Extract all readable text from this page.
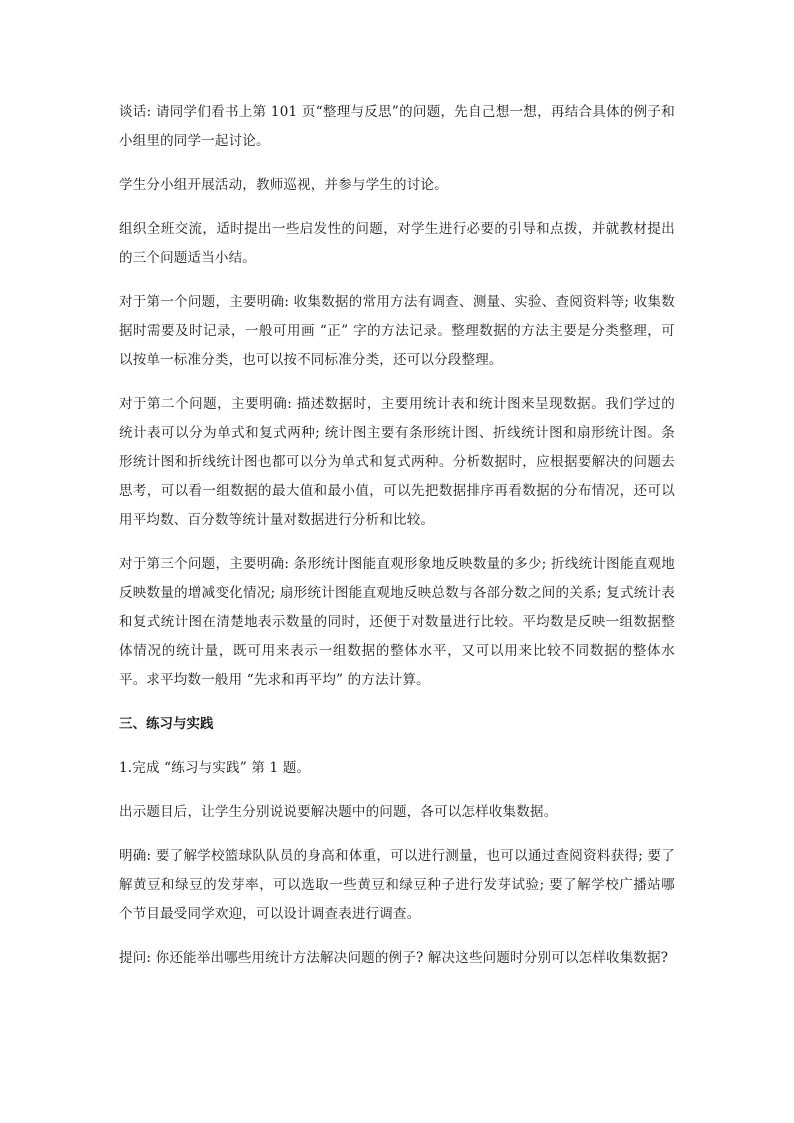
谈话: 请同学们看书上第 101 页“整理与反思”的问题，先自己想一想，再结合具体的例子和小组里的同学一起讨论。

学生分小组开展活动，教师巡视，并参与学生的讨论。

组织全班交流，适时提出一些启发性的问题，对学生进行必要的引导和点拨，并就教材提出的三个问题适当小结。

对于第一个问题，主要明确: 收集数据的常用方法有调查、测量、实验、查阅资料等; 收集数据时需要及时记录，一般可用画 “正” 字的方法记录。整理数据的方法主要是分类整理，可以按单一标准分类，也可以按不同标准分类，还可以分段整理。

对于第二个问题，主要明确: 描述数据时，主要用统计表和统计图来呈现数据。我们学过的统计表可以分为单式和复式两种; 统计图主要有条形统计图、折线统计图和扇形统计图。条形统计图和折线统计图也都可以分为单式和复式两种。分析数据时，应根据要解决的问题去思考，可以看一组数据的最大值和最小值，可以先把数据排序再看数据的分布情况，还可以用平均数、百分数等统计量对数据进行分析和比较。

对于第三个问题，主要明确: 条形统计图能直观形象地反映数量的多少; 折线统计图能直观地反映数量的增减变化情况; 扇形统计图能直观地反映总数与各部分数之间的关系; 复式统计表和复式统计图在清楚地表示数量的同时，还便于对数量进行比较。平均数是反映一组数据整体情况的统计量，既可用来表示一组数据的整体水平，又可以用来比较不同数据的整体水平。求平均数一般用 “先求和再平均” 的方法计算。

三、练习与实践

1.完成 “练习与实践” 第 1 题。

出示题目后，让学生分别说说要解决题中的问题，各可以怎样收集数据。

明确: 要了解学校篮球队队员的身高和体重，可以进行测量，也可以通过查阅资料获得; 要了解黄豆和绿豆的发芽率，可以选取一些黄豆和绿豆种子进行发芽试验; 要了解学校广播站哪个节目最受同学欢迎，可以设计调查表进行调查。

提问: 你还能举出哪些用统计方法解决问题的例子? 解决这些问题时分别可以怎样收集数据?
